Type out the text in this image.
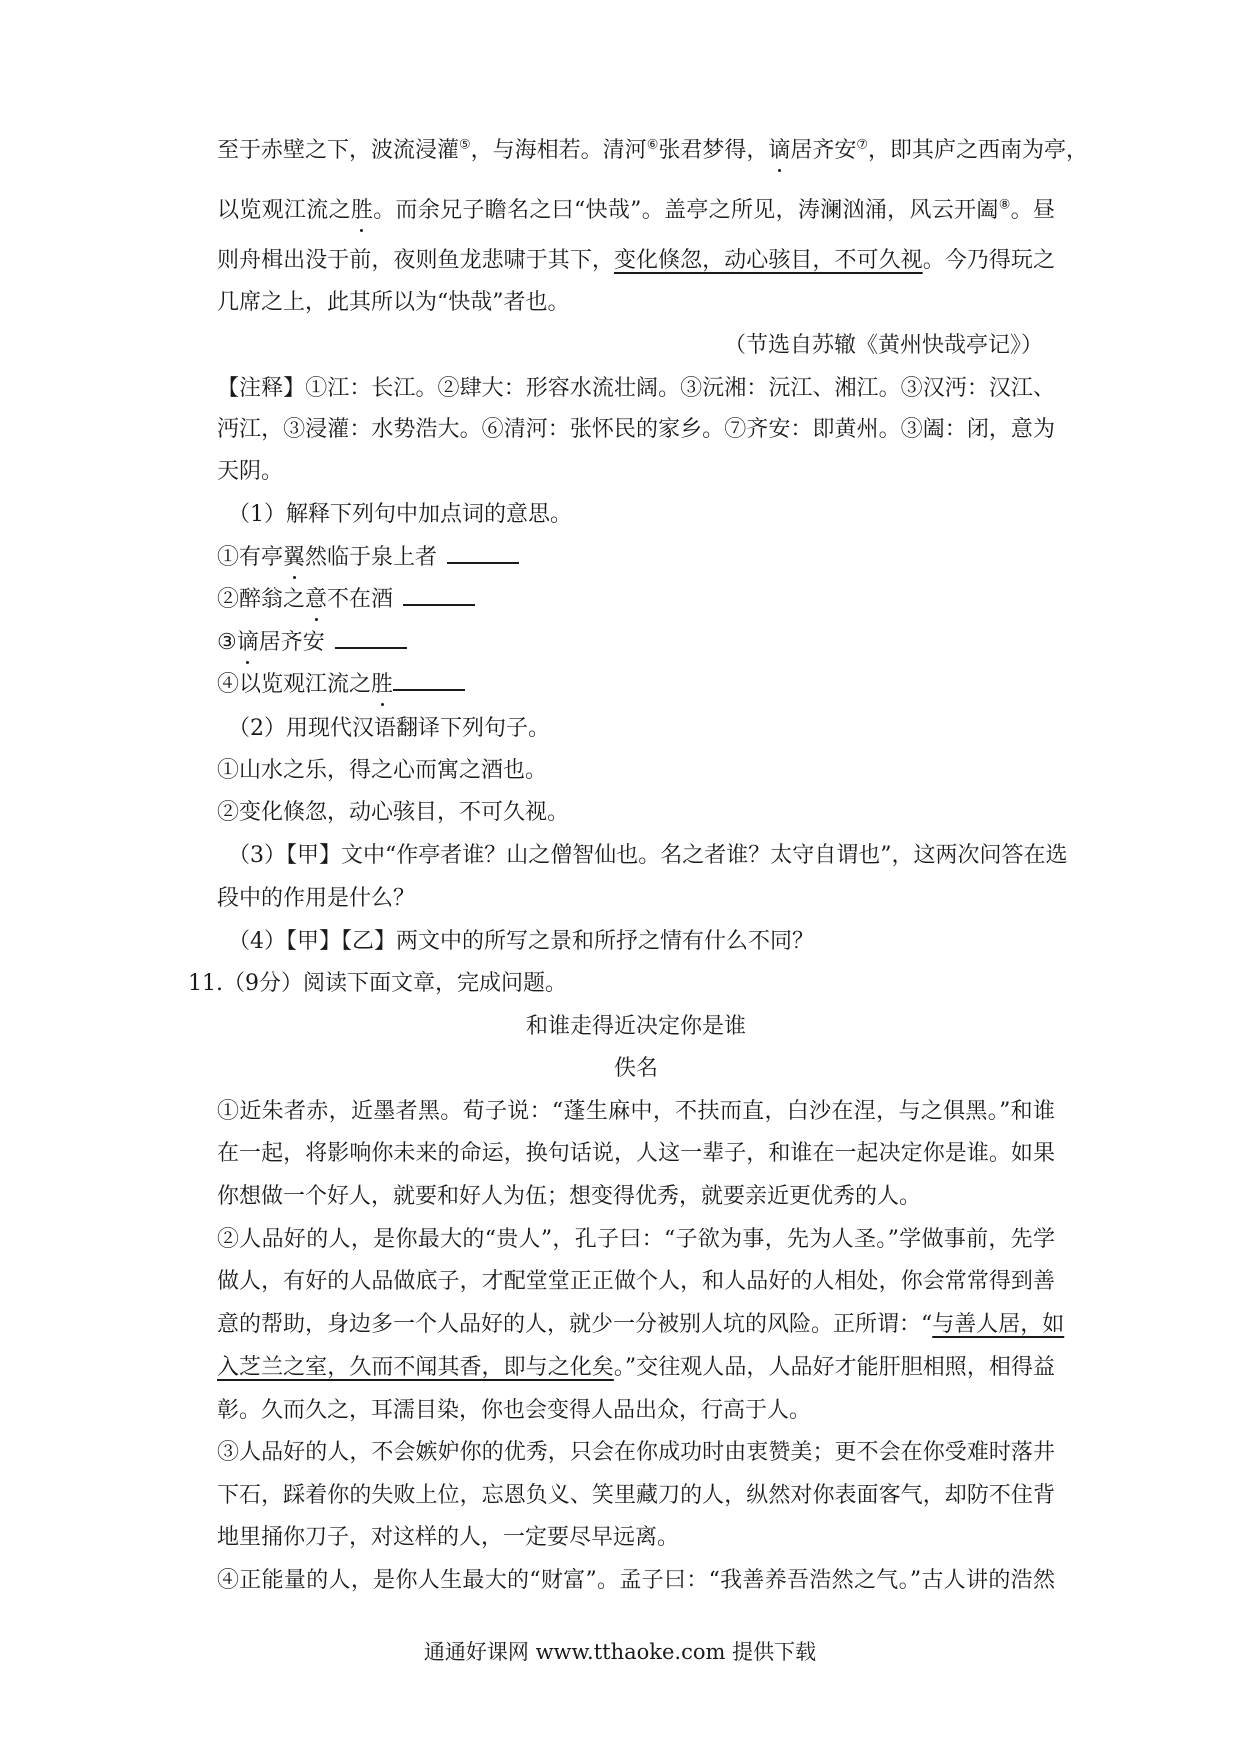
至于赤壁之下，波流浸灌⑤，与海相若。清河⑥张君梦得，谪居齐安⑦，即其庐之西南为亭，
以览观江流之胜。而余兄子瞻名之曰“快哉”。盖亭之所见，涛澜汹涌，风云开阖⑧。昼
则舟楫出没于前，夜则鱼龙悲啸于其下，变化倏忽，动心骇目，不可久视。今乃得玩之
几席之上，此其所以为“快哉”者也。
（节选自苏辙《黄州快哉亭记》）
【注释】①江：长江。②肆大：形容水流壮阔。③沅湘：沅江、湘江。③汉沔：汉江、
沔江，③浸灌：水势浩大。⑥清河：张怀民的家乡。⑦齐安：即黄州。③阖：闭，意为
天阴。
（1）解释下列句中加点词的意思。
①有亭翼然临于泉上者
②醉翁之意不在酒
③谪居齐安
④以览观江流之胜
（2）用现代汉语翻译下列句子。
①山水之乐，得之心而寓之酒也。
②变化倏忽，动心骇目，不可久视。
（3）【甲】文中“作亭者谁？山之僧智仙也。名之者谁？太守自谓也”，这两次问答在选
段中的作用是什么？
（4）【甲】【乙】两文中的所写之景和所抒之情有什么不同？
11.（9分）阅读下面文章，完成问题。
和谁走得近决定你是谁
佚名
①近朱者赤，近墨者黑。荀子说：“蓬生麻中，不扶而直，白沙在涅，与之俱黑。”和谁
在一起，将影响你未来的命运，换句话说，人这一辈子，和谁在一起决定你是谁。如果
你想做一个好人，就要和好人为伍；想变得优秀，就要亲近更优秀的人。
②人品好的人，是你最大的“贵人”，孔子曰：“子欲为事，先为人圣。”学做事前，先学
做人，有好的人品做底子，才配堂堂正正做个人，和人品好的人相处，你会常常得到善
意的帮助，身边多一个人品好的人，就少一分被别人坑的风险。正所谓：“与善人居，如
入芝兰之室，久而不闻其香，即与之化矣。”交往观人品，人品好才能肝胆相照，相得益
彰。久而久之，耳濡目染，你也会变得人品出众，行高于人。
③人品好的人，不会嫉妒你的优秀，只会在你成功时由衷赞美；更不会在你受难时落井
下石，踩着你的失败上位，忘恩负义、笑里藏刀的人，纵然对你表面客气，却防不住背
地里捅你刀子，对这样的人，一定要尽早远离。
④正能量的人，是你人生最大的“财富”。孟子曰：“我善养吾浩然之气。”古人讲的浩然
通通好课网 www.tthaoke.com 提供下载
